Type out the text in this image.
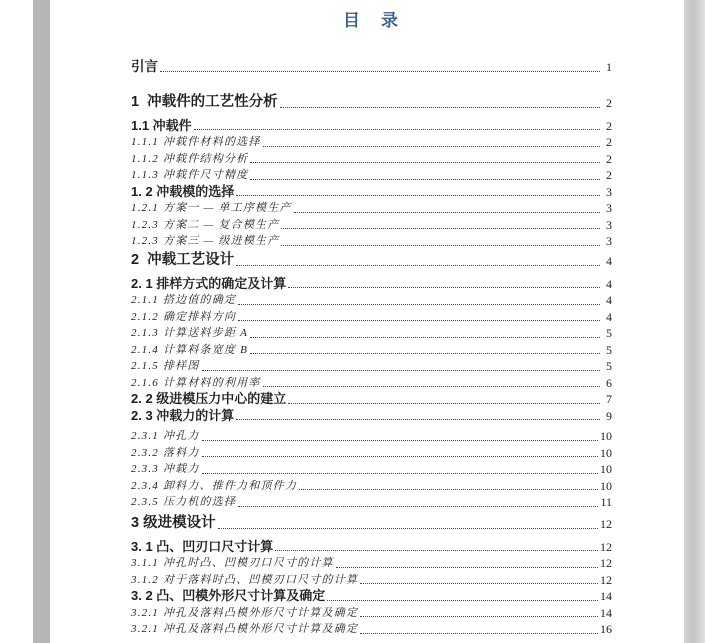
目　录
引言	1
1  冲载件的工艺性分析	2
1.1 冲载件	2
1.1.1 冲载件材料的选择	2
1.1.2 冲载件结构分析	2
1.1.3 冲载件尺寸精度	2
1. 2 冲载模的选择	3
1.2.1 方案一 — 单工序模生产	3
1.2.3 方案二 — 复合模生产	3
1.2.3 方案三 — 级进模生产	3
2  冲载工艺设计	4
2. 1 排样方式的确定及计算	4
2.1.1 搭边值的确定	4
2.1.2 确定排料方向	4
2.1.3 计算送料步距 A	5
2.1.4 计算料条宽度 B	5
2.1.5 排样图	5
2.1.6 计算材料的利用率	6
2. 2 级进模压力中心的建立	7
2. 3 冲载力的计算	9
2.3.1 冲孔力	10
2.3.2 落料力	10
2.3.3 冲载力	10
2.3.4 卸料力、推件力和顶件力	10
2.3.5 压力机的选择	11
3 级进模设计	12
3. 1 凸、凹刃口尺寸计算	12
3.1.1 冲孔时凸、凹模刃口尺寸的计算	12
3.1.2 对于落料时凸、凹模刃口尺寸的计算	12
3. 2 凸、凹模外形尺寸计算及确定	14
3.2.1 冲孔及落料凸模外形尺寸计算及确定	14
3.2.1 冲孔及落料凸模外形尺寸计算及确定	16
